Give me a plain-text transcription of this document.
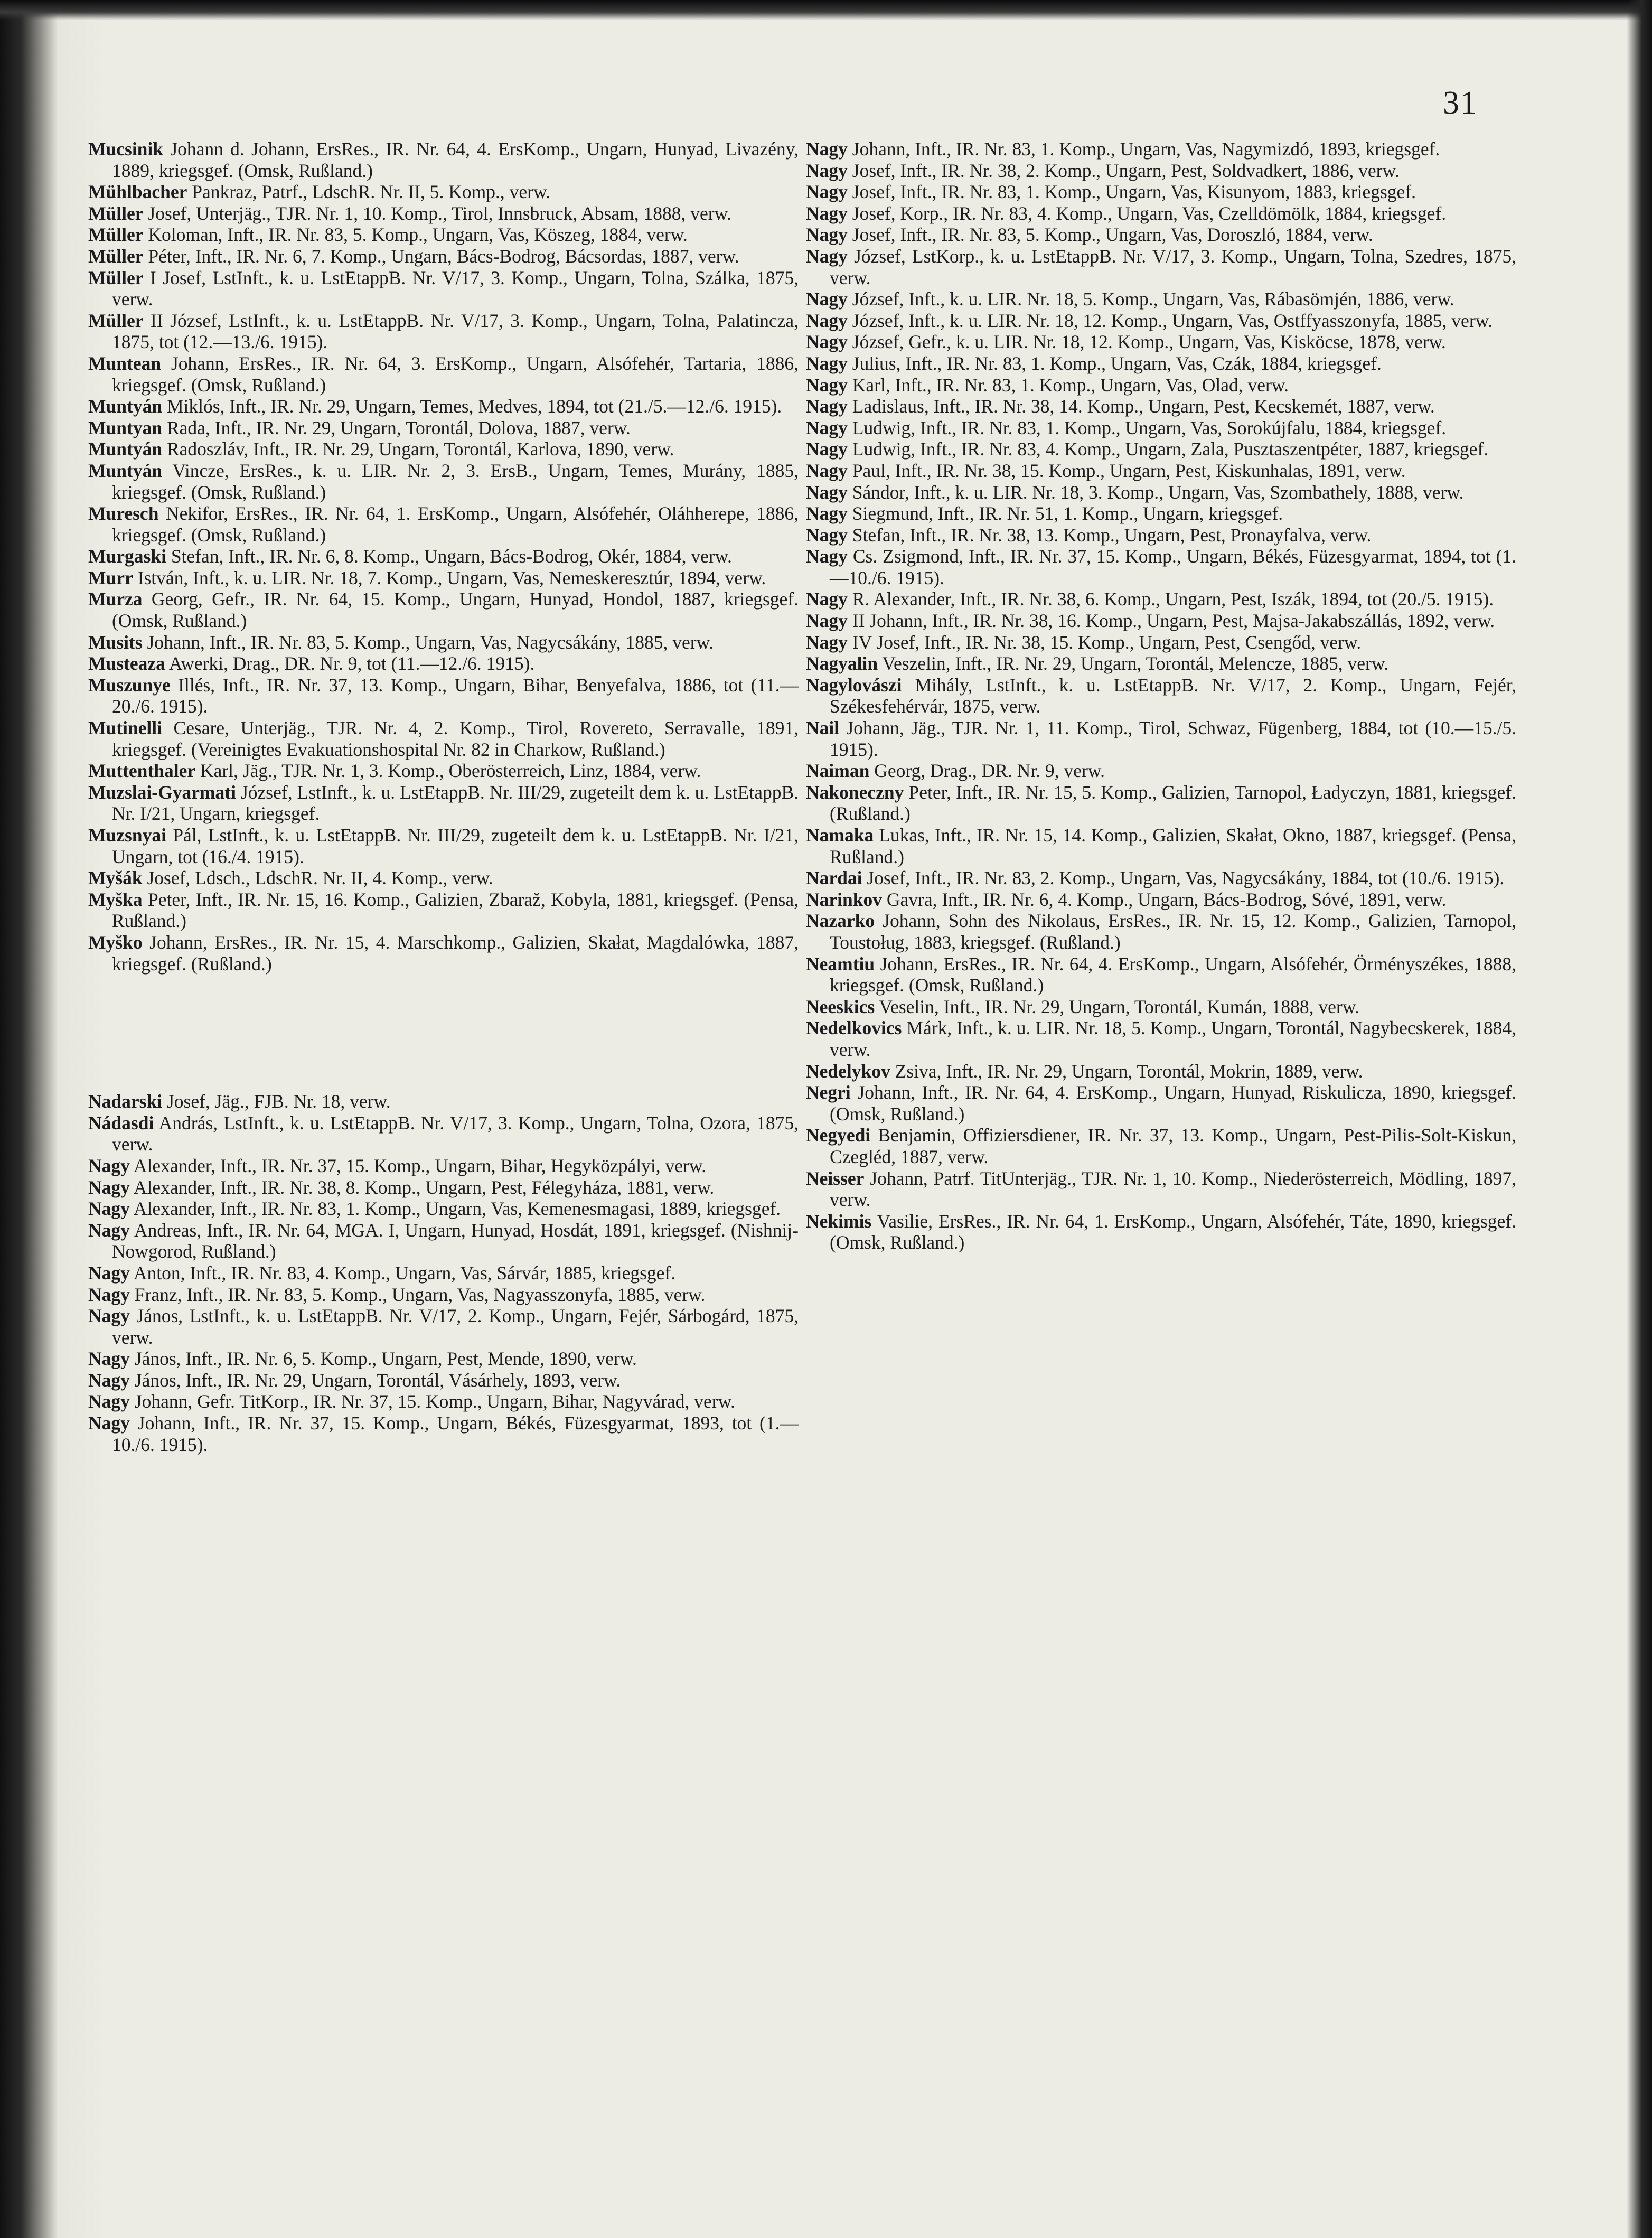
31

Mucsinik Johann d. Johann, ErsRes., IR. Nr. 64, 4. ErsKomp., Ungarn, Hunyad, Livazény, 1889, kriegsgef. (Omsk, Rußland.)

Mühlbacher Pankraz, Patrf., LdschR. Nr. II, 5. Komp., verw.

Müller Josef, Unterjäg., TJR. Nr. 1, 10. Komp., Tirol, Innsbruck, Absam, 1888, verw.

Müller Koloman, Inft., IR. Nr. 83, 5. Komp., Ungarn, Vas, Köszeg, 1884, verw.

Müller Péter, Inft., IR. Nr. 6, 7. Komp., Ungarn, Bács-Bodrog, Bácsordas, 1887, verw.

Müller I Josef, LstInft., k. u. LstEtappB. Nr. V/17, 3. Komp., Ungarn, Tolna, Szálka, 1875, verw.

Müller II József, LstInft., k. u. LstEtappB. Nr. V/17, 3. Komp., Ungarn, Tolna, Palatincza, 1875, tot (12.—13./6. 1915).

Muntean Johann, ErsRes., IR. Nr. 64, 3. ErsKomp., Ungarn, Alsófehér, Tartaria, 1886, kriegsgef. (Omsk, Rußland.)

Muntyán Miklós, Inft., IR. Nr. 29, Ungarn, Temes, Medves, 1894, tot (21./5.—12./6. 1915).

Muntyan Rada, Inft., IR. Nr. 29, Ungarn, Torontál, Dolova, 1887, verw.

Muntyán Radoszláv, Inft., IR. Nr. 29, Ungarn, Torontál, Karlova, 1890, verw.

Muntyán Vincze, ErsRes., k. u. LIR. Nr. 2, 3. ErsB., Ungarn, Temes, Murány, 1885, kriegsgef. (Omsk, Rußland.)

Muresch Nekifor, ErsRes., IR. Nr. 64, 1. ErsKomp., Ungarn, Alsófehér, Oláhherepe, 1886, kriegsgef. (Omsk, Rußland.)

Murgaski Stefan, Inft., IR. Nr. 6, 8. Komp., Ungarn, Bács-Bodrog, Okér, 1884, verw.

Murr István, Inft., k. u. LIR. Nr. 18, 7. Komp., Ungarn, Vas, Nemeskeresztúr, 1894, verw.

Murza Georg, Gefr., IR. Nr. 64, 15. Komp., Ungarn, Hunyad, Hondol, 1887, kriegsgef. (Omsk, Rußland.)

Musits Johann, Inft., IR. Nr. 83, 5. Komp., Ungarn, Vas, Nagycsákány, 1885, verw.

Musteaza Awerki, Drag., DR. Nr. 9, tot (11.—12./6. 1915).

Muszunye Illés, Inft., IR. Nr. 37, 13. Komp., Ungarn, Bihar, Benyefalva, 1886, tot (11.—20./6. 1915).

Mutinelli Cesare, Unterjäg., TJR. Nr. 4, 2. Komp., Tirol, Rovereto, Serravalle, 1891, kriegsgef. (Vereinigtes Evakuationshospital Nr. 82 in Charkow, Rußland.)

Muttenthaler Karl, Jäg., TJR. Nr. 1, 3. Komp., Oberösterreich, Linz, 1884, verw.

Muzslai-Gyarmati József, LstInft., k. u. LstEtappB. Nr. III/29, zugeteilt dem k. u. LstEtappB. Nr. I/21, Ungarn, kriegsgef.

Muzsnyai Pál, LstInft., k. u. LstEtappB. Nr. III/29, zugeteilt dem k. u. LstEtappB. Nr. I/21, Ungarn, tot (16./4. 1915).

Myšák Josef, Ldsch., LdschR. Nr. II, 4. Komp., verw.

Myška Peter, Inft., IR. Nr. 15, 16. Komp., Galizien, Zbaraž, Kobyla, 1881, kriegsgef. (Pensa, Rußland.)

Myško Johann, ErsRes., IR. Nr. 15, 4. Marschkomp., Galizien, Skałat, Magdalówka, 1887, kriegsgef. (Rußland.)

Nadarski Josef, Jäg., FJB. Nr. 18, verw.

Nádasdi András, LstInft., k. u. LstEtappB. Nr. V/17, 3. Komp., Ungarn, Tolna, Ozora, 1875, verw.

Nagy Alexander, Inft., IR. Nr. 37, 15. Komp., Ungarn, Bihar, Hegyközpályi, verw.

Nagy Alexander, Inft., IR. Nr. 38, 8. Komp., Ungarn, Pest, Félegyháza, 1881, verw.

Nagy Alexander, Inft., IR. Nr. 83, 1. Komp., Ungarn, Vas, Kemenesmagasi, 1889, kriegsgef.

Nagy Andreas, Inft., IR. Nr. 64, MGA. I, Ungarn, Hunyad, Hosdát, 1891, kriegsgef. (Nishnij-Nowgorod, Rußland.)

Nagy Anton, Inft., IR. Nr. 83, 4. Komp., Ungarn, Vas, Sárvár, 1885, kriegsgef.

Nagy Franz, Inft., IR. Nr. 83, 5. Komp., Ungarn, Vas, Nagyasszonyfa, 1885, verw.

Nagy János, LstInft., k. u. LstEtappB. Nr. V/17, 2. Komp., Ungarn, Fejér, Sárbogárd, 1875, verw.

Nagy János, Inft., IR. Nr. 6, 5. Komp., Ungarn, Pest, Mende, 1890, verw.

Nagy János, Inft., IR. Nr. 29, Ungarn, Torontál, Vásárhely, 1893, verw.

Nagy Johann, Gefr. TitKorp., IR. Nr. 37, 15. Komp., Ungarn, Bihar, Nagyvárad, verw.

Nagy Johann, Inft., IR. Nr. 37, 15. Komp., Ungarn, Békés, Füzesgyarmat, 1893, tot (1.—10./6. 1915).

Nagy Johann, Inft., IR. Nr. 83, 1. Komp., Ungarn, Vas, Nagymizdó, 1893, kriegsgef.

Nagy Josef, Inft., IR. Nr. 38, 2. Komp., Ungarn, Pest, Soldvadkert, 1886, verw.

Nagy Josef, Inft., IR. Nr. 83, 1. Komp., Ungarn, Vas, Kisunyom, 1883, kriegsgef.

Nagy Josef, Korp., IR. Nr. 83, 4. Komp., Ungarn, Vas, Czelldömölk, 1884, kriegsgef.

Nagy Josef, Inft., IR. Nr. 83, 5. Komp., Ungarn, Vas, Doroszló, 1884, verw.

Nagy József, LstKorp., k. u. LstEtappB. Nr. V/17, 3. Komp., Ungarn, Tolna, Szedres, 1875, verw.

Nagy József, Inft., k. u. LIR. Nr. 18, 5. Komp., Ungarn, Vas, Rábasömjén, 1886, verw.

Nagy József, Inft., k. u. LIR. Nr. 18, 12. Komp., Ungarn, Vas, Ostffyasszonyfa, 1885, verw.

Nagy József, Gefr., k. u. LIR. Nr. 18, 12. Komp., Ungarn, Vas, Kisköcse, 1878, verw.

Nagy Julius, Inft., IR. Nr. 83, 1. Komp., Ungarn, Vas, Czák, 1884, kriegsgef.

Nagy Karl, Inft., IR. Nr. 83, 1. Komp., Ungarn, Vas, Olad, verw.

Nagy Ladislaus, Inft., IR. Nr. 38, 14. Komp., Ungarn, Pest, Kecskemét, 1887, verw.

Nagy Ludwig, Inft., IR. Nr. 83, 1. Komp., Ungarn, Vas, Sorokújfalu, 1884, kriegsgef.

Nagy Ludwig, Inft., IR. Nr. 83, 4. Komp., Ungarn, Zala, Pusztaszentpéter, 1887, kriegsgef.

Nagy Paul, Inft., IR. Nr. 38, 15. Komp., Ungarn, Pest, Kiskunhalas, 1891, verw.

Nagy Sándor, Inft., k. u. LIR. Nr. 18, 3. Komp., Ungarn, Vas, Szombathely, 1888, verw.

Nagy Siegmund, Inft., IR. Nr. 51, 1. Komp., Ungarn, kriegsgef.

Nagy Stefan, Inft., IR. Nr. 38, 13. Komp., Ungarn, Pest, Pronayfalva, verw.

Nagy Cs. Zsigmond, Inft., IR. Nr. 37, 15. Komp., Ungarn, Békés, Füzesgyarmat, 1894, tot (1.—10./6. 1915).

Nagy R. Alexander, Inft., IR. Nr. 38, 6. Komp., Ungarn, Pest, Iszák, 1894, tot (20./5. 1915).

Nagy II Johann, Inft., IR. Nr. 38, 16. Komp., Ungarn, Pest, Majsa-Jakabszállás, 1892, verw.

Nagy IV Josef, Inft., IR. Nr. 38, 15. Komp., Ungarn, Pest, Csengőd, verw.

Nagyalin Veszelin, Inft., IR. Nr. 29, Ungarn, Torontál, Melencze, 1885, verw.

Nagylovászi Mihály, LstInft., k. u. LstEtappB. Nr. V/17, 2. Komp., Ungarn, Fejér, Székesfehérvár, 1875, verw.

Nail Johann, Jäg., TJR. Nr. 1, 11. Komp., Tirol, Schwaz, Fügenberg, 1884, tot (10.—15./5. 1915).

Naiman Georg, Drag., DR. Nr. 9, verw.

Nakoneczny Peter, Inft., IR. Nr. 15, 5. Komp., Galizien, Tarnopol, Ładyczyn, 1881, kriegsgef. (Rußland.)

Namaka Lukas, Inft., IR. Nr. 15, 14. Komp., Galizien, Skałat, Okno, 1887, kriegsgef. (Pensa, Rußland.)

Nardai Josef, Inft., IR. Nr. 83, 2. Komp., Ungarn, Vas, Nagycsákány, 1884, tot (10./6. 1915).

Narinkov Gavra, Inft., IR. Nr. 6, 4. Komp., Ungarn, Bács-Bodrog, Sóvé, 1891, verw.

Nazarko Johann, Sohn des Nikolaus, ErsRes., IR. Nr. 15, 12. Komp., Galizien, Tarnopol, Toustoług, 1883, kriegsgef. (Rußland.)

Neamtiu Johann, ErsRes., IR. Nr. 64, 4. ErsKomp., Ungarn, Alsófehér, Örményszékes, 1888, kriegsgef. (Omsk, Rußland.)

Neeskics Veselin, Inft., IR. Nr. 29, Ungarn, Torontál, Kumán, 1888, verw.

Nedelkovics Márk, Inft., k. u. LIR. Nr. 18, 5. Komp., Ungarn, Torontál, Nagybecskerek, 1884, verw.

Nedelykov Zsiva, Inft., IR. Nr. 29, Ungarn, Torontál, Mokrin, 1889, verw.

Negri Johann, Inft., IR. Nr. 64, 4. ErsKomp., Ungarn, Hunyad, Riskulicza, 1890, kriegsgef. (Omsk, Rußland.)

Negyedi Benjamin, Offiziersdiener, IR. Nr. 37, 13. Komp., Ungarn, Pest-Pilis-Solt-Kiskun, Czegléd, 1887, verw.

Neisser Johann, Patrf. TitUnterjäg., TJR. Nr. 1, 10. Komp., Niederösterreich, Mödling, 1897, verw.

Nekimis Vasilie, ErsRes., IR. Nr. 64, 1. ErsKomp., Ungarn, Alsófehér, Táte, 1890, kriegsgef. (Omsk, Rußland.)
